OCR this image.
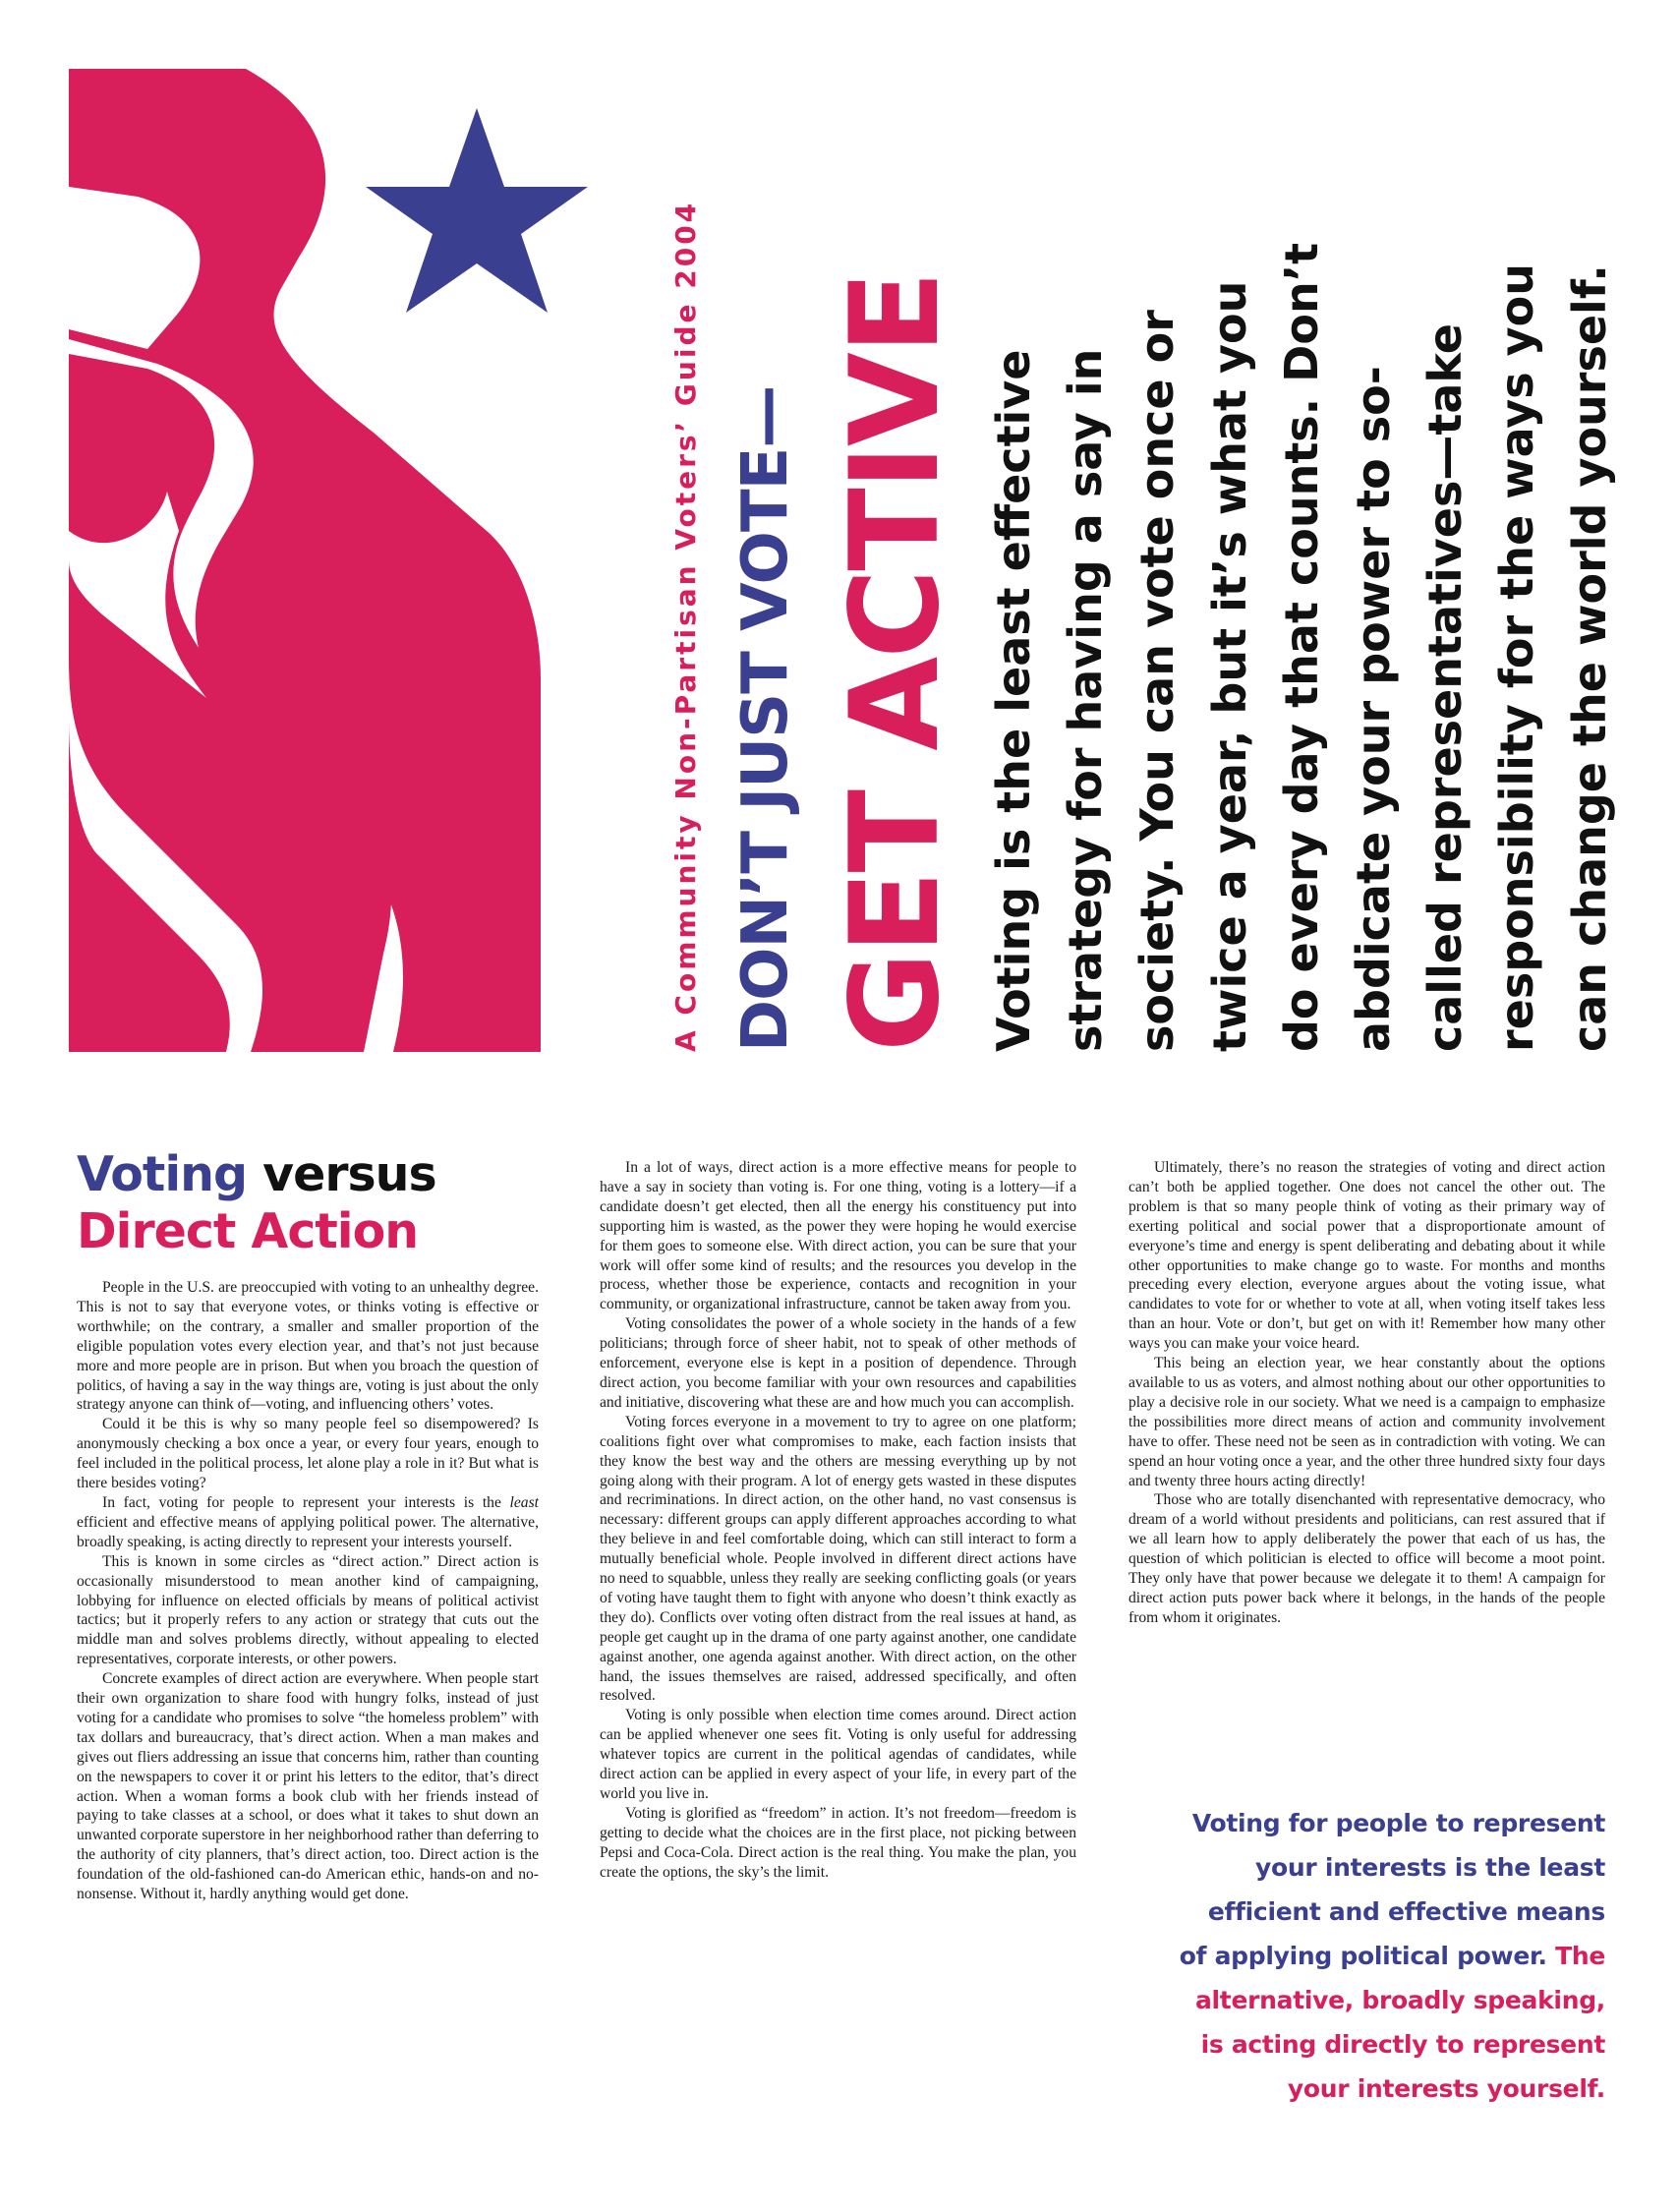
A Community Non-Partisan Voters’ Guide 2004 DON’T JUST VOTE— GET ACTIVE Voting is the least effective strategy for having a say in society. You can vote once or twice a year, but it’s what you do every day that counts. Don’t abdicate your power to so- called representatives—take responsibility for the ways you can change the world yourself.
Voting versus
Direct Action

People in the U.S. are preoccupied with voting to an unhealthy degree. This is not to say that everyone votes, or thinks voting is effective or worthwhile; on the contrary, a smaller and smaller proportion of the eligible population votes every election year, and that’s not just because more and more people are in prison. But when you broach the question of politics, of having a say in the way things are, voting is just about the only strategy anyone can think of—voting, and influencing others’ votes.

Could it be this is why so many people feel so disempowered? Is anonymously checking a box once a year, or every four years, enough to feel included in the political process, let alone play a role in it? But what is there besides voting?

In fact, voting for people to represent your interests is the least efficient and effective means of applying political power. The alternative, broadly speaking, is acting directly to represent your interests yourself.

This is known in some circles as “direct action.” Direct action is occasionally misunderstood to mean another kind of campaigning, lobbying for influence on elected officials by means of political activist tactics; but it properly refers to any action or strategy that cuts out the middle man and solves problems directly, without appealing to elected representatives, corporate interests, or other powers.

Concrete examples of direct action are everywhere. When people start their own organization to share food with hungry folks, instead of just voting for a candidate who promises to solve “the homeless problem” with tax dollars and bureaucracy, that’s direct action. When a man makes and gives out fliers addressing an issue that concerns him, rather than counting on the newspapers to cover it or print his letters to the editor, that’s direct action. When a woman forms a book club with her friends instead of paying to take classes at a school, or does what it takes to shut down an unwanted corporate superstore in her neighborhood rather than deferring to the authority of city planners, that’s direct action, too. Direct action is the foundation of the old-fashioned can-do American ethic, hands-on and no-nonsense. Without it, hardly anything would get done.

In a lot of ways, direct action is a more effective means for people to have a say in society than voting is. For one thing, voting is a lottery—if a candidate doesn’t get elected, then all the energy his constituency put into supporting him is wasted, as the power they were hoping he would exercise for them goes to someone else. With direct action, you can be sure that your work will offer some kind of results; and the resources you develop in the process, whether those be experience, contacts and recognition in your community, or organizational infrastructure, cannot be taken away from you.

Voting consolidates the power of a whole society in the hands of a few politicians; through force of sheer habit, not to speak of other methods of enforcement, everyone else is kept in a position of dependence. Through direct action, you become familiar with your own resources and capabilities and initiative, discovering what these are and how much you can accomplish.

Voting forces everyone in a movement to try to agree on one platform; coalitions fight over what compromises to make, each faction insists that they know the best way and the others are messing everything up by not going along with their program. A lot of energy gets wasted in these disputes and recriminations. In direct action, on the other hand, no vast consensus is necessary: different groups can apply different approaches according to what they believe in and feel comfortable doing, which can still interact to form a mutually beneficial whole. People involved in different direct actions have no need to squabble, unless they really are seeking conflicting goals (or years of voting have taught them to fight with anyone who doesn’t think exactly as they do). Conflicts over voting often distract from the real issues at hand, as people get caught up in the drama of one party against another, one candidate against another, one agenda against another. With direct action, on the other hand, the issues themselves are raised, addressed specifically, and often resolved.

Voting is only possible when election time comes around. Direct action can be applied whenever one sees fit. Voting is only useful for addressing whatever topics are current in the political agendas of candidates, while direct action can be applied in every aspect of your life, in every part of the world you live in.

Voting is glorified as “freedom” in action. It’s not freedom—freedom is getting to decide what the choices are in the first place, not picking between Pepsi and Coca-Cola. Direct action is the real thing. You make the plan, you create the options, the sky’s the limit.

Ultimately, there’s no reason the strategies of voting and direct action can’t both be applied together. One does not cancel the other out. The problem is that so many people think of voting as their primary way of exerting political and social power that a disproportionate amount of everyone’s time and energy is spent deliberating and debating about it while other opportunities to make change go to waste. For months and months preceding every election, everyone argues about the voting issue, what candidates to vote for or whether to vote at all, when voting itself takes less than an hour. Vote or don’t, but get on with it! Remember how many other ways you can make your voice heard.

This being an election year, we hear constantly about the options available to us as voters, and almost nothing about our other opportunities to play a decisive role in our society. What we need is a campaign to emphasize the possibilities more direct means of action and community involvement have to offer. These need not be seen as in contradiction with voting. We can spend an hour voting once a year, and the other three hundred sixty four days and twenty three hours acting directly!

Those who are totally disenchanted with representative democracy, who dream of a world without presidents and politicians, can rest assured that if we all learn how to apply deliberately the power that each of us has, the question of which politician is elected to office will become a moot point. They only have that power because we delegate it to them! A campaign for direct action puts power back where it belongs, in the hands of the people from whom it originates.

Voting for people to represent
your interests is the least
efficient and effective means
of applying political power. The
alternative, broadly speaking,
is acting directly to represent
your interests yourself.
